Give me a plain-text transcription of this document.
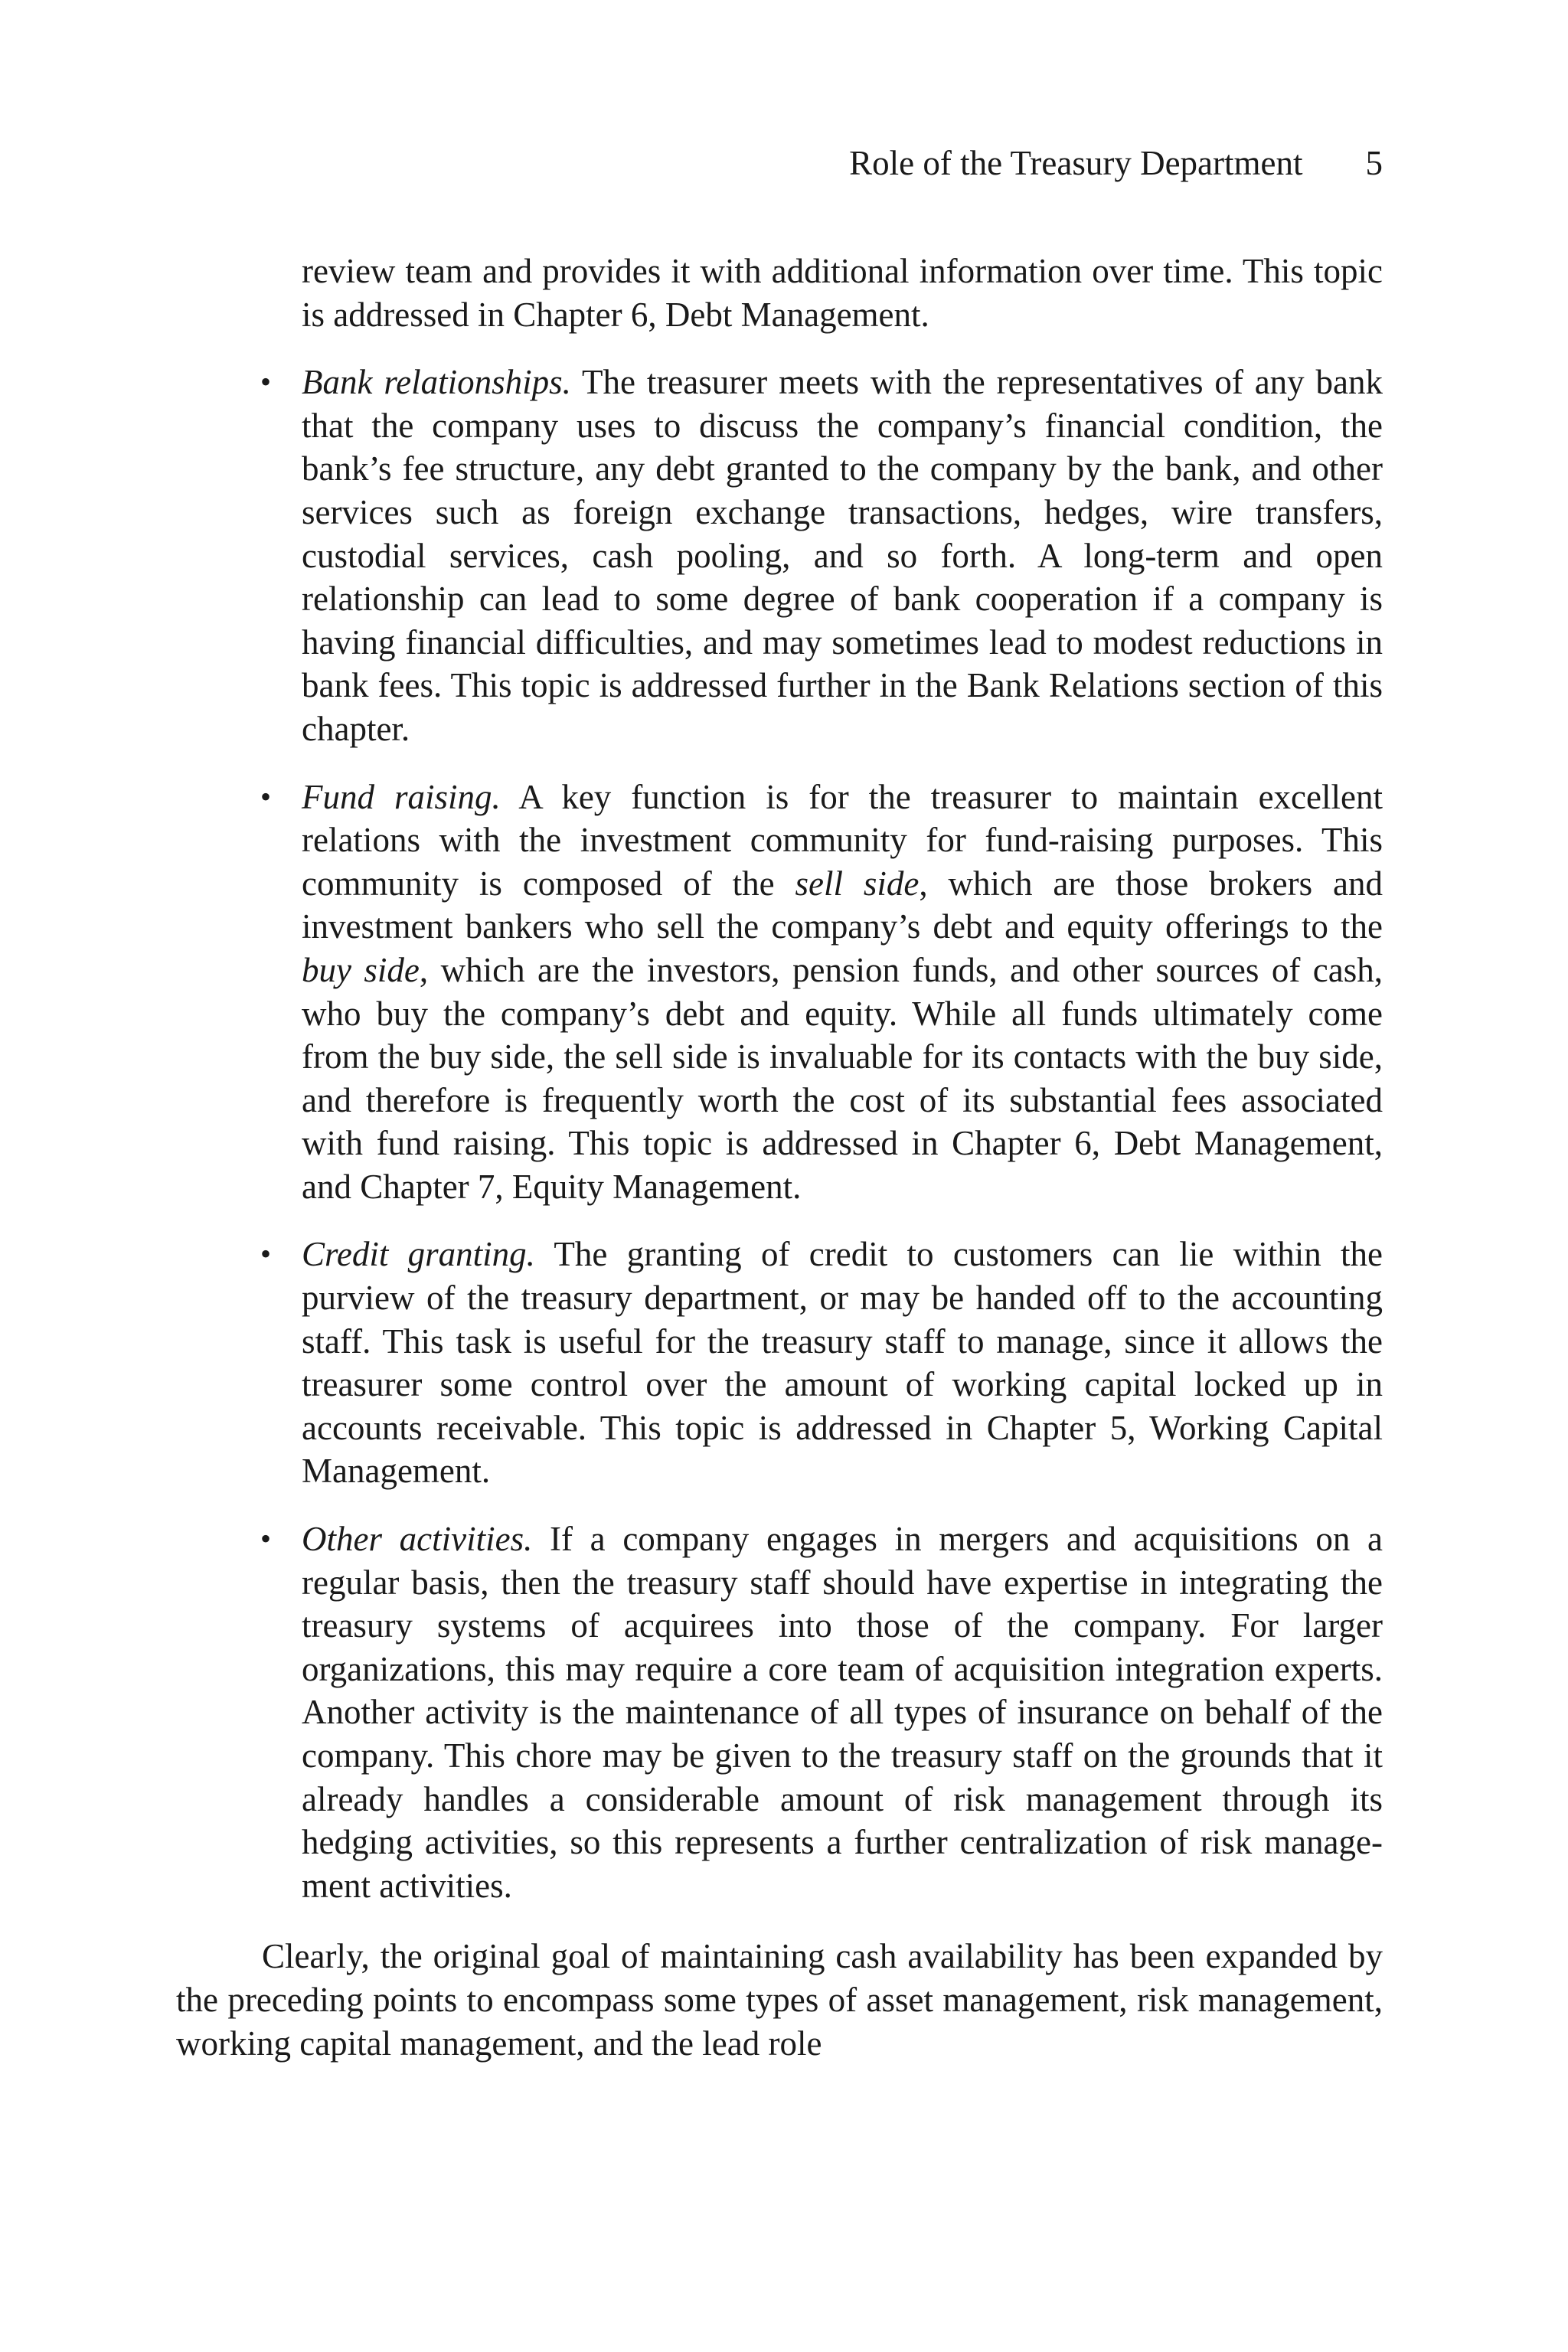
Role of the Treasury Department 5

review team and provides it with additional information over time. This topic is addressed in Chapter 6, Debt Management.

• Bank relationships. The treasurer meets with the representatives of any bank that the company uses to discuss the company’s financial condition, the bank’s fee structure, any debt granted to the company by the bank, and other services such as foreign exchange transactions, hedges, wire transfers, custodial services, cash pooling, and so forth. A long-term and open relationship can lead to some degree of bank cooperation if a company is having financial difficulties, and may sometimes lead to modest reductions in bank fees. This topic is addressed further in the Bank Relations section of this chapter.
• Fund raising. A key function is for the treasurer to maintain excellent relations with the investment community for fund-raising purposes. This community is composed of the sell side, which are those brokers and investment bankers who sell the company’s debt and equity offerings to the buy side, which are the investors, pension funds, and other sources of cash, who buy the company’s debt and equity. While all funds ultimately come from the buy side, the sell side is invaluable for its contacts with the buy side, and therefore is frequently worth the cost of its substantial fees associated with fund raising. This topic is addressed in Chapter 6, Debt Management, and Chapter 7, Equity Management.
• Credit granting. The granting of credit to customers can lie within the purview of the treasury department, or may be handed off to the accounting staff. This task is useful for the treasury staff to manage, since it allows the treasurer some control over the amount of working capital locked up in accounts receivable. This topic is addressed in Chapter 5, Working Capital Management.
• Other activities. If a company engages in mergers and acquisitions on a regular basis, then the treasury staff should have expertise in integrating the treasury systems of acquirees into those of the company. For larger organizations, this may require a core team of acquisition integration experts. Another activity is the maintenance of all types of insurance on behalf of the company. This chore may be given to the treasury staff on the grounds that it already handles a considerable amount of risk management through its hedging activities, so this represents a further centralization of risk management activities.

Clearly, the original goal of maintaining cash availability has been expanded by the preceding points to encompass some types of asset management, risk management, working capital management, and the lead role
